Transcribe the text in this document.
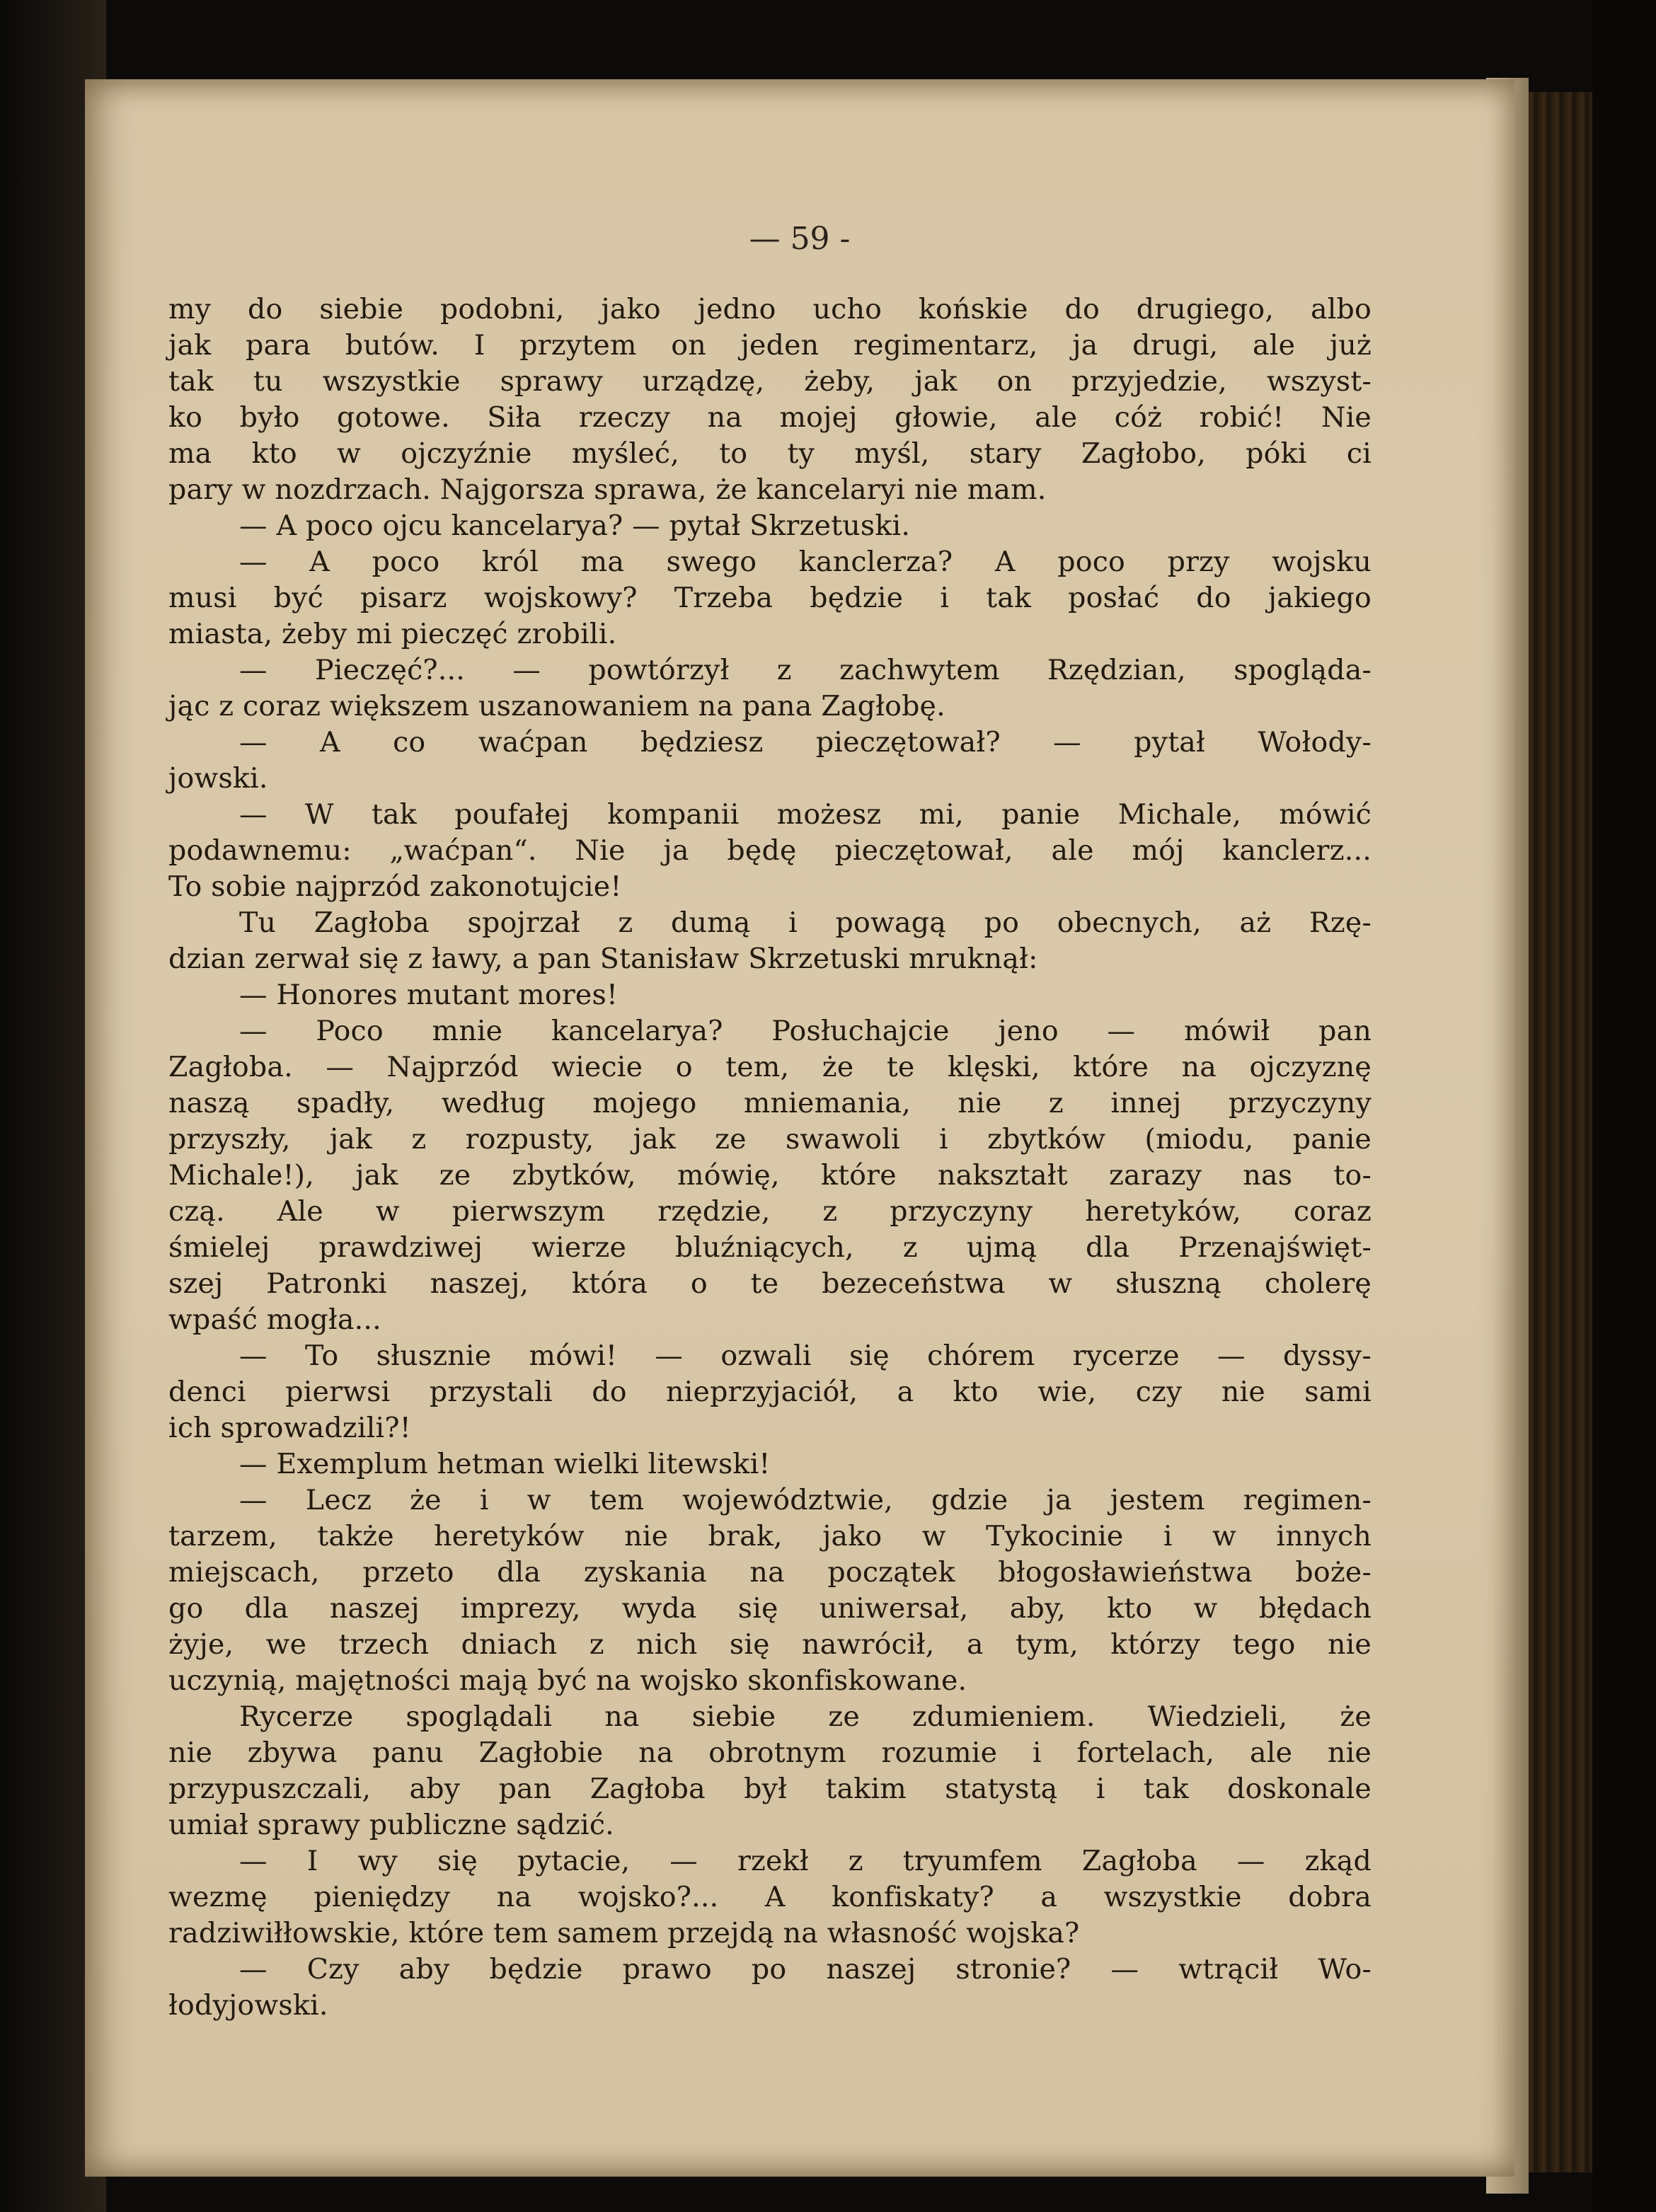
— 59 -
my do siebie podobni, jako jedno ucho końskie do drugiego, albo
jak para butów. I przytem on jeden regimentarz, ja drugi, ale już
tak tu wszystkie sprawy urządzę, żeby, jak on przyjedzie, wszyst-
ko było gotowe. Siła rzeczy na mojej głowie, ale cóż robić! Nie
ma kto w ojczyźnie myśleć, to ty myśl, stary Zagłobo, póki ci
pary w nozdrzach. Najgorsza sprawa, że kancelaryi nie mam.
— A poco ojcu kancelarya? — pytał Skrzetuski.
— A poco król ma swego kanclerza? A poco przy wojsku
musi być pisarz wojskowy? Trzeba będzie i tak posłać do jakiego
miasta, żeby mi pieczęć zrobili.
— Pieczęć?... — powtórzył z zachwytem Rzędzian, spogląda-
jąc z coraz większem uszanowaniem na pana Zagłobę.
— A co waćpan będziesz pieczętował? — pytał Wołody-
jowski.
— W tak poufałej kompanii możesz mi, panie Michale, mówić
podawnemu: „waćpan“. Nie ja będę pieczętował, ale mój kanclerz...
To sobie najprzód zakonotujcie!
Tu Zagłoba spojrzał z dumą i powagą po obecnych, aż Rzę-
dzian zerwał się z ławy, a pan Stanisław Skrzetuski mruknął:
— Honores mutant mores!
— Poco mnie kancelarya? Posłuchajcie jeno — mówił pan
Zagłoba. — Najprzód wiecie o tem, że te klęski, które na ojczyznę
naszą spadły, według mojego mniemania, nie z innej przyczyny
przyszły, jak z rozpusty, jak ze swawoli i zbytków (miodu, panie
Michale!), jak ze zbytków, mówię, które nakształt zarazy nas to-
czą. Ale w pierwszym rzędzie, z przyczyny heretyków, coraz
śmielej prawdziwej wierze bluźniących, z ujmą dla Przenajświęt-
szej Patronki naszej, która o te bezeceństwa w słuszną cholerę
wpaść mogła...
— To słusznie mówi! — ozwali się chórem rycerze — dyssy-
denci pierwsi przystali do nieprzyjaciół, a kto wie, czy nie sami
ich sprowadzili?!
— Exemplum hetman wielki litewski!
— Lecz że i w tem województwie, gdzie ja jestem regimen-
tarzem, także heretyków nie brak, jako w Tykocinie i w innych
miejscach, przeto dla zyskania na początek błogosławieństwa boże-
go dla naszej imprezy, wyda się uniwersał, aby, kto w błędach
żyje, we trzech dniach z nich się nawrócił, a tym, którzy tego nie
uczynią, majętności mają być na wojsko skonfiskowane.
Rycerze spoglądali na siebie ze zdumieniem. Wiedzieli, że
nie zbywa panu Zagłobie na obrotnym rozumie i fortelach, ale nie
przypuszczali, aby pan Zagłoba był takim statystą i tak doskonale
umiał sprawy publiczne sądzić.
— I wy się pytacie, — rzekł z tryumfem Zagłoba — zkąd
wezmę pieniędzy na wojsko?... A konfiskaty? a wszystkie dobra
radziwiłłowskie, które tem samem przejdą na własność wojska?
— Czy aby będzie prawo po naszej stronie? — wtrącił Wo-
łodyjowski.
